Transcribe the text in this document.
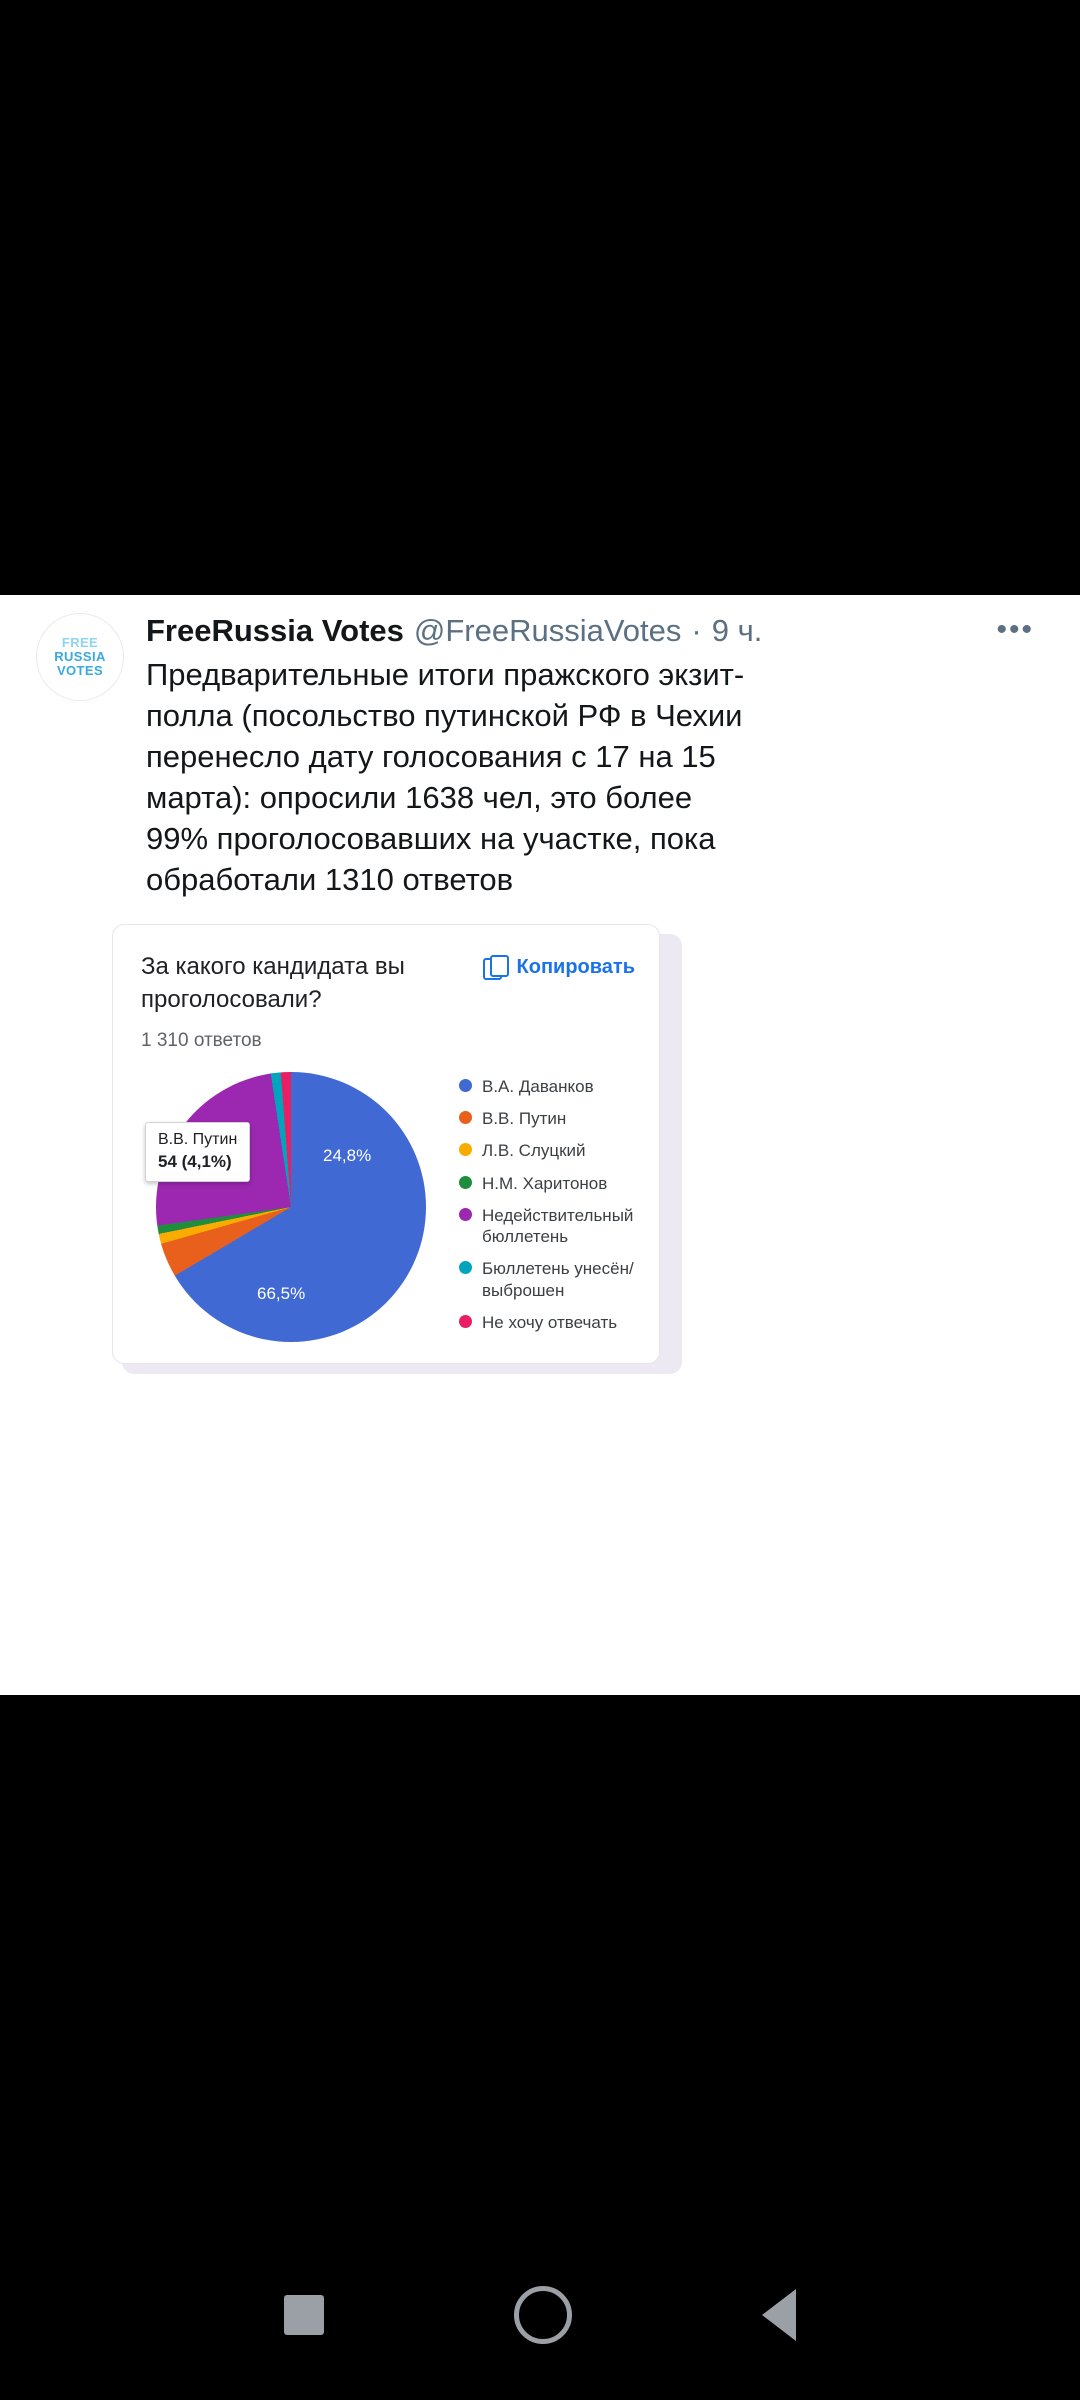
FREE
RUSSIA
VOTES
FreeRussia Votes @FreeRussiaVotes · 9 ч.	•••
Предварительные итоги пражского экзит-полла (посольство путинской РФ в Чехии перенесло дату голосования с 17 на 15 марта): опросили 1638 чел, это более 99% проголосовавших на участке, пока обработали 1310 ответов
За какого кандидата вы проголосовали?
Копировать
1 310 ответов
66,5%
24,8%
В.В. Путин
54 (4,1%)
В.А. Даванков
В.В. Путин
Л.В. Слуцкий
Н.М. Харитонов
Недействительный бюллетень
Бюллетень унесён/выброшен
Не хочу отвечать
